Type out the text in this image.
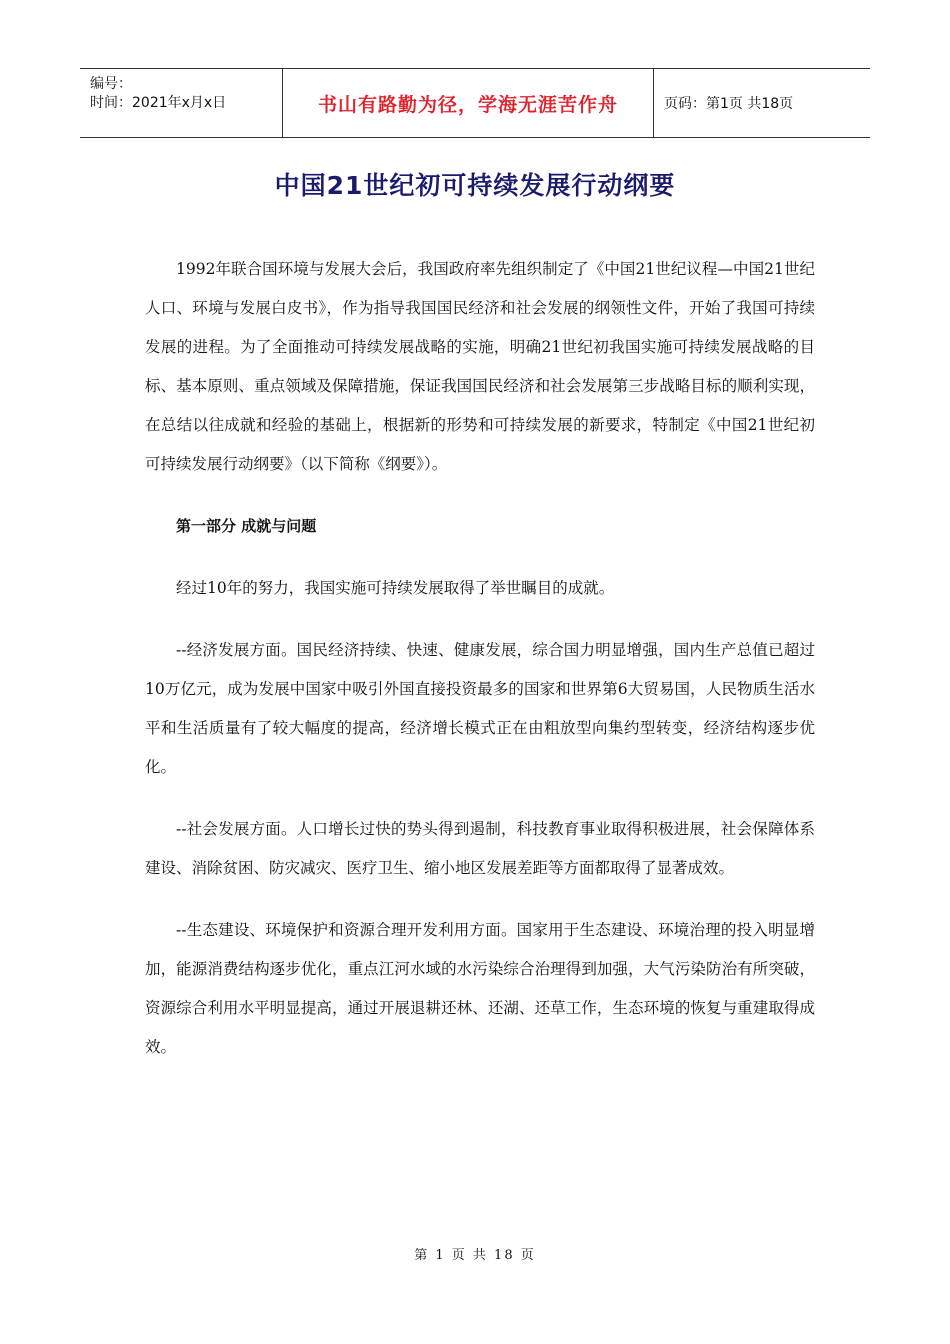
编号：
时间：2021年x月x日	书山有路勤为径，学海无涯苦作舟	页码：第1页 共18页
中国21世纪初可持续发展行动纲要

1992年联合国环境与发展大会后，我国政府率先组织制定了《中国21世纪议程—中国21世纪人口、环境与发展白皮书》，作为指导我国国民经济和社会发展的纲领性文件，开始了我国可持续发展的进程。为了全面推动可持续发展战略的实施，明确21世纪初我国实施可持续发展战略的目标、基本原则、重点领域及保障措施，保证我国国民经济和社会发展第三步战略目标的顺利实现，在总结以往成就和经验的基础上，根据新的形势和可持续发展的新要求，特制定《中国21世纪初可持续发展行动纲要》（以下简称《纲要》）。

第一部分 成就与问题

经过10年的努力，我国实施可持续发展取得了举世瞩目的成就。

--经济发展方面。国民经济持续、快速、健康发展，综合国力明显增强，国内生产总值已超过10万亿元，成为发展中国家中吸引外国直接投资最多的国家和世界第6大贸易国，人民物质生活水平和生活质量有了较大幅度的提高，经济增长模式正在由粗放型向集约型转变，经济结构逐步优化。

--社会发展方面。人口增长过快的势头得到遏制，科技教育事业取得积极进展，社会保障体系建设、消除贫困、防灾减灾、医疗卫生、缩小地区发展差距等方面都取得了显著成效。

--生态建设、环境保护和资源合理开发利用方面。国家用于生态建设、环境治理的投入明显增加，能源消费结构逐步优化，重点江河水域的水污染综合治理得到加强，大气污染防治有所突破，资源综合利用水平明显提高，通过开展退耕还林、还湖、还草工作，生态环境的恢复与重建取得成效。

第 1 页 共 18 页
